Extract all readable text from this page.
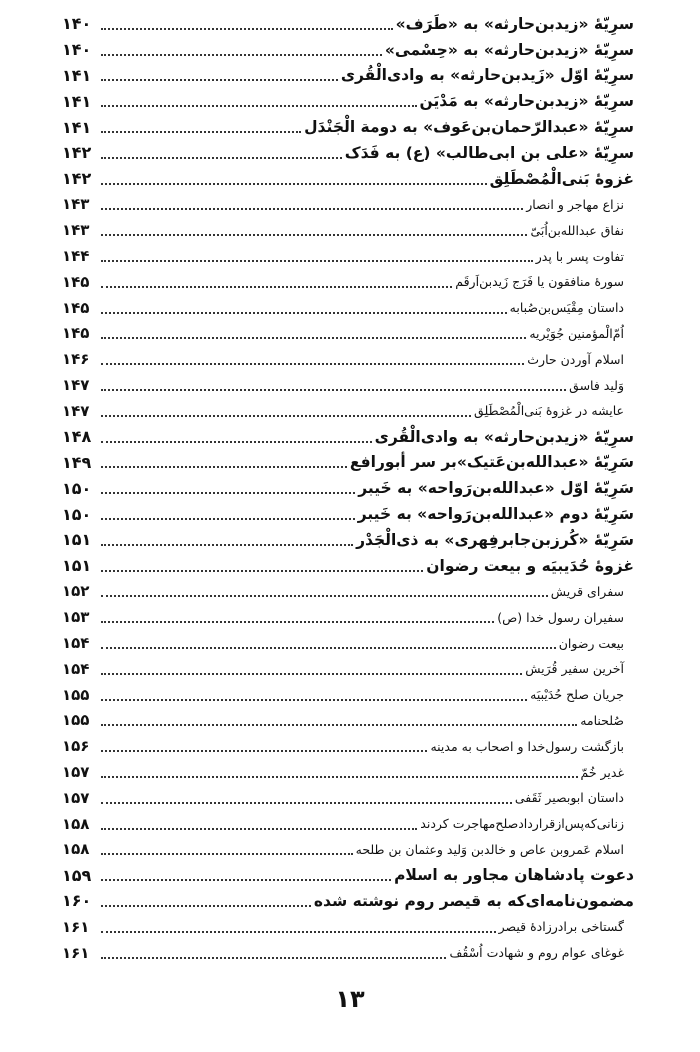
سرِیّهٔ «زیدبن‌حارثه» به «طَرَف»
۱۴۰
سرِیّهٔ «زیدبن‌حارثه» به «حِسْمی»
۱۴۰
سرِیّهٔ اوّل «زَیدبن‌حارثه» به وادی‌الْقُری
۱۴۱
سرِیّهٔ «زیدبن‌حارثه» به مَدْیَن
۱۴۱
سرِیّهٔ «عبدالرّحمان‌بن‌عَوف» به دومة الْجَنْدَل
۱۴۱
سرِیّهٔ «علی بن ابی‌طالب» (ع) به فَدَک
۱۴۲
غزوهٔ بَنی‌الْمُصْطَلِق
۱۴۲
نزاع مهاجر و انصار
۱۴۳
نفاق عبدالله‌بن‌اُبَیّ
۱۴۳
تفاوت پسر با پدر
۱۴۴
سورهٔ منافقون یا فَرَج زَیدبن‌اَرقَم
۱۴۵
داستان مِقْیَس‌بن‌صُبابه
۱۴۵
اُمّ‌الْمؤمنین جُوَیْریه
۱۴۵
اسلام آوردن حارث
۱۴۶
وَلید فاسق
۱۴۷
عایشه در غزوهٔ بَنی‌الْمُصْطَلِق
۱۴۷
سرِیّهٔ «زیدبن‌حارثه» به وادی‌الْقُری
۱۴۸
سَرِیّهٔ «عبدالله‌بن‌عَتیک»بر سر أبورافع
۱۴۹
سَرِیّهٔ اوّل «عبدالله‌بن‌رَواحه» به خَیبر
۱۵۰
سَرِیّهٔ دوم «عبدالله‌بن‌رَواحه» به خَیبر
۱۵۰
سَرِیّهٔ «کُرزبن‌جابرفِهری» به ذی‌الْجَدْر
۱۵۱
غزوهٔ حُدَیبیَه و بیعت رضوان
۱۵۱
سفرای قریش
۱۵۲
سفیران رسول خدا (ص)
۱۵۳
بیعت رضوان
۱۵۴
آخرین سفیر قُرَیش
۱۵۴
جریان صلح حُدَیْبیَه
۱۵۵
صُلحنامه
۱۵۵
بازگشت رسول‌خدا و اصحاب به مدینه
۱۵۶
غدیر خُمّ
۱۵۷
داستان ابوبصیر ثَقَفی
۱۵۷
زنانی‌که‌پس‌ازقراردادصلح‌مهاجرت کردند
۱۵۸
اسلام عَمروبن عاص و خالدبن وَلید وعثمان بن طلحه
۱۵۸
دعوت پادشاهان مجاور به اسلام
۱۵۹
مضمون‌نامه‌ای‌که به قیصر روم نوشته شده
۱۶۰
گستاخی برادرزادهٔ قیصر
۱۶۱
غوغای عوام روم و شهادت اُسْقُف
۱۶۱
۱۳
